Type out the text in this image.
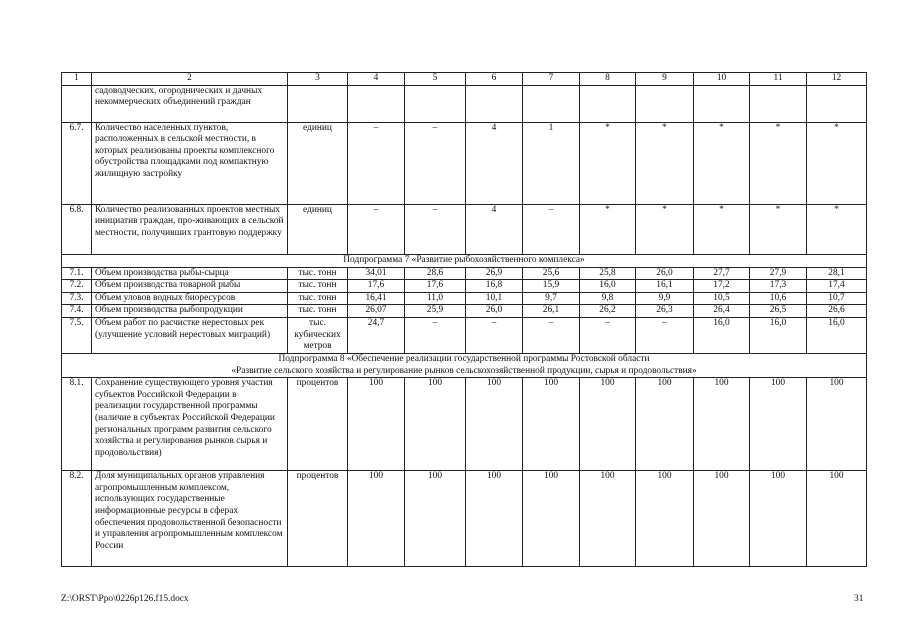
1	2	3	4	5	6	7	8	9	10	11	12
	садоводческих, огороднических и дачных некоммерческих объединений граждан										
6.7.	Количество населенных пунктов, расположенных в сельской местности, в которых реализованы проекты комплексного обустройства площадками под компактную жилищную застройку	единиц	–	–	4	1	*	*	*	*	*
6.8.	Количество реализованных проектов местных инициатив граждан, про-живающих в сельской местности, получивших грантовую поддержку	единиц	–	–	4	–	*	*	*	*	*

Подпрограмма 7 «Развитие рыбохозяйственного комплекса»											

7.1.	Объем производства рыбы-сырца	тыс. тонн	34,01	28,6	26,9	25,6	25,8	26,0	27,7	27,9	28,1
7.2.	Объем производства товарной рыбы	тыс. тонн	17,6	17,6	16,8	15,9	16,0	16,1	17,2	17,3	17,4
7.3.	Объем уловов водных биоресурсов	тыс. тонн	16,41	11,0	10,1	9,7	9,8	9,9	10,5	10,6	10,7
7.4.	Объем производства рыбопродукции	тыс. тонн	26,07	25,9	26,0	26,1	26,2	26,3	26,4	26,5	26,6
7.5.	Объем работ по расчистке нерестовых рек (улучшение условий нерестовых миграций)	тыс. кубических метров	24,7	–	–	–	–	–	16,0	16,0	16,0

Подпрограмма 8 «Обеспечение реализации государственной программы Ростовской области
«Развитие сельского хозяйства и регулирование рынков сельскохозяйственной продукции, сырья и продовольствия»											

8.1.	Сохранение существующего уровня участия субъектов Российской Федерации в реализации государственной программы (наличие в субъектах Российской Федерации региональных программ развития сельского хозяйства и регулирования рынков сырья и продовольствия)	процентов	100	100	100	100	100	100	100	100	100
8.2.	Доля муниципальных органов управления агропромышленным комплексом, использующих государственные информационные ресурсы в сферах обеспечения продовольственной безопасности и управления агропромышленным комплексом России	процентов	100	100	100	100	100	100	100	100	100
Z:\ORST\Ppo\0226p126.f15.docx	31
